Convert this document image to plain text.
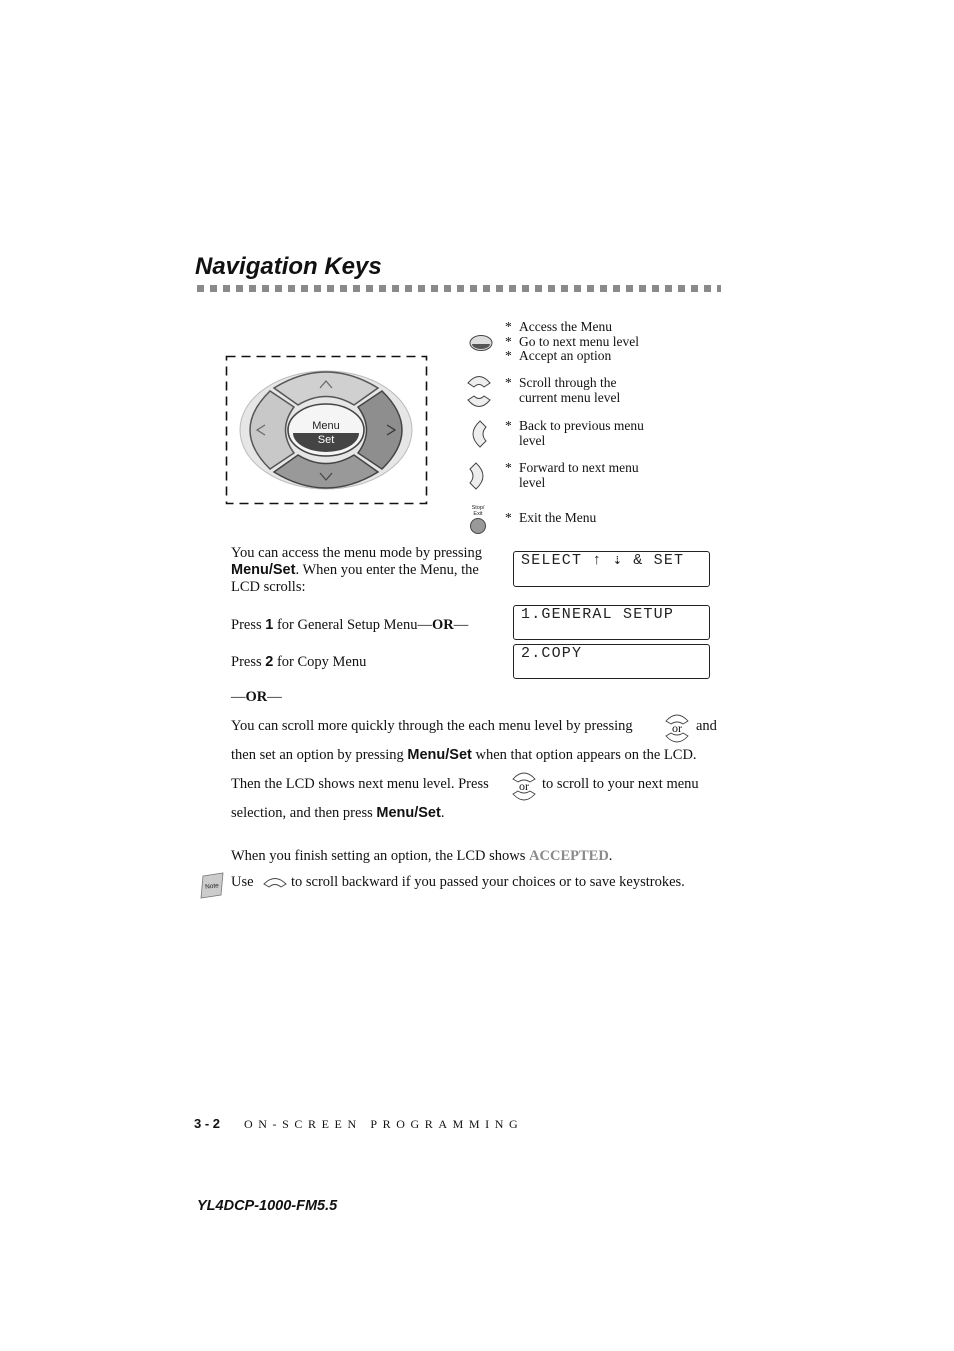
Navigation Keys
Menu
Set
Stop/
Exit
* Access the Menu
* Go to next menu level
* Accept an option
* Scroll through the
current menu level
* Back to previous menu
level
* Forward to next menu
level
* Exit the Menu
You can access the menu mode by pressing
Menu/Set. When you enter the Menu, the LCD scrolls:
Press 1 for General Setup Menu—OR—
Press 2 for Copy Menu
—OR—
SELECT ↑ ⇣ & SET
1.GENERAL SETUP
2.COPY
You can scroll more quickly through the each menu level by pressing	or and
then set an option by pressing Menu/Set when that option appears on the LCD.
Then the LCD shows next menu level. Press	or to scroll to your next menu
selection, and then press Menu/Set.
When you finish setting an option, the LCD shows ACCEPTED.
Note Use	to scroll backward if you passed your choices or to save keystrokes.
3 - 2 ON-SCREEN PROGRAMMING
YL4DCP-1000-FM5.5
